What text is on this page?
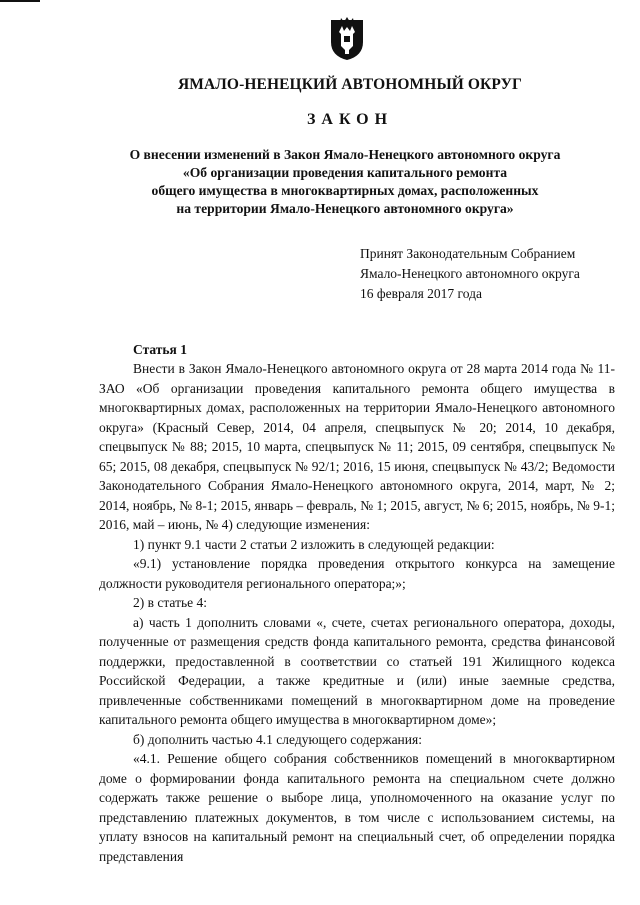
ЯМАЛО-НЕНЕЦКИЙ АВТОНОМНЫЙ ОКРУГ
ЗАКОН
О внесении изменений в Закон Ямало-Ненецкого автономного округа
«Об организации проведения капитального ремонта
общего имущества в многоквартирных домах, расположенных
на территории Ямало-Ненецкого автономного округа»
Принят Законодательным Собранием
Ямало-Ненецкого автономного округа
16 февраля 2017 года
Статья 1

Внести в Закон Ямало-Ненецкого автономного округа от 28 марта 2014 года № 11-ЗАО «Об организации проведения капитального ремонта общего имущества в многоквартирных домах, расположенных на территории Ямало-Ненецкого автономного округа» (Красный Север, 2014, 04 апреля, спецвыпуск № 20; 2014, 10 декабря, спецвыпуск № 88; 2015, 10 марта, спецвыпуск № 11; 2015, 09 сентября, спецвыпуск № 65; 2015, 08 декабря, спецвыпуск № 92/1; 2016, 15 июня, спецвыпуск № 43/2; Ведомости Законодательного Собрания Ямало-Ненецкого автономного округа, 2014, март, № 2; 2014, ноябрь, № 8-1; 2015, январь – февраль, № 1; 2015, август, № 6; 2015, ноябрь, № 9-1; 2016, май – июнь, № 4) следующие изменения:

1) пункт 9.1 части 2 статьи 2 изложить в следующей редакции:

«9.1) установление порядка проведения открытого конкурса на замещение должности руководителя регионального оператора;»;

2) в статье 4:

а) часть 1 дополнить словами «, счете, счетах регионального оператора, доходы, полученные от размещения средств фонда капитального ремонта, средства финансовой поддержки, предоставленной в соответствии со статьей 191 Жилищного кодекса Российской Федерации, а также кредитные и (или) иные заемные средства, привлеченные собственниками помещений в многоквартирном доме на проведение капитального ремонта общего имущества в многоквартирном доме»;

б) дополнить частью 4.1 следующего содержания:

«4.1. Решение общего собрания собственников помещений в многоквартирном доме о формировании фонда капитального ремонта на специальном счете должно содержать также решение о выборе лица, уполномоченного на оказание услуг по представлению платежных документов, в том числе с использованием системы, на уплату взносов на капитальный ремонт на специальный счет, об определении порядка представления
